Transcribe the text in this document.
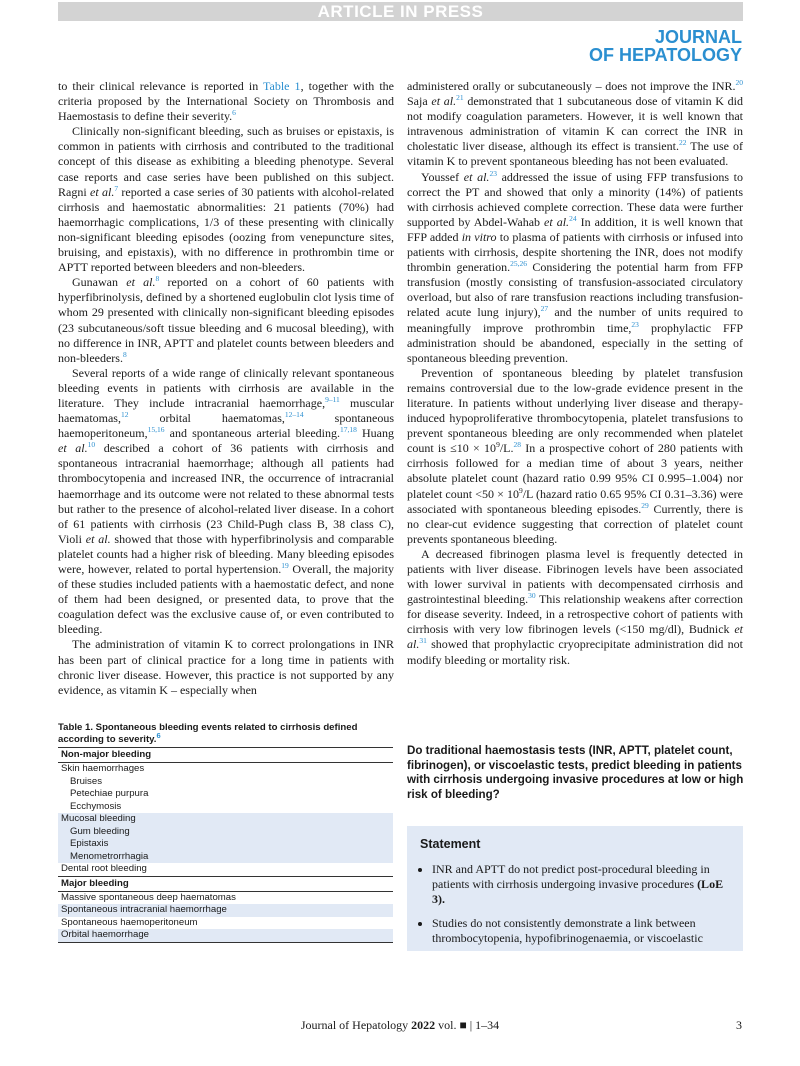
ARTICLE IN PRESS
JOURNAL
OF HEPATOLOGY

to their clinical relevance is reported in Table 1, together with the criteria proposed by the International Society on Thrombosis and Haemostasis to define their severity.$^6$

Clinically non-significant bleeding, such as bruises or epistaxis, is common in patients with cirrhosis and contributed to the traditional concept of this disease as exhibiting a bleeding phenotype. Several case reports and case series have been published on this subject. Ragni et al.$^7$ reported a case series of 30 patients with alcohol-related cirrhosis and haemostatic abnormalities: 21 patients (70%) had haemorrhagic complications, 1/3 of these presenting with clinically non-significant bleeding episodes (oozing from venepuncture sites, bruising, and epistaxis), with no difference in prothrombin time or APTT reported between bleeders and non-bleeders.

Gunawan et al.$^8$ reported on a cohort of 60 patients with hyperfibrinolysis, defined by a shortened euglobulin clot lysis time of whom 29 presented with clinically non-significant bleeding episodes (23 subcutaneous/soft tissue bleeding and 6 mucosal bleeding), with no difference in INR, APTT and platelet counts between bleeders and non-bleeders.$^8$

Several reports of a wide range of clinically relevant spontaneous bleeding events in patients with cirrhosis are available in the literature. They include intracranial haemorrhage,$^{9-11}$ muscular haematomas,$^{12}$ orbital haematomas,$^{12-14}$ spontaneous haemoperitoneum,$^{15,16}$ and spontaneous arterial bleeding.$^{17,18}$ Huang et al.$^{10}$ described a cohort of 36 patients with cirrhosis and spontaneous intracranial haemorrhage; although all patients had thrombocytopenia and increased INR, the occurrence of intracranial haemorrhage and its outcome were not related to these abnormal tests but rather to the presence of alcohol-related liver disease. In a cohort of 61 patients with cirrhosis (23 Child-Pugh class B, 38 class C), Violi et al. showed that those with hyperfibrinolysis and comparable platelet counts had a higher risk of bleeding. Many bleeding episodes were, however, related to portal hypertension.$^{19}$ Overall, the majority of these studies included patients with a haemostatic defect, and none of them had been designed, or presented data, to prove that the coagulation defect was the exclusive cause of, or even contributed to bleeding.

The administration of vitamin K to correct prolongations in INR has been part of clinical practice for a long time in patients with chronic liver disease. However, this practice is not supported by any evidence, as vitamin K – especially when

administered orally or subcutaneously – does not improve the INR.$^{20}$ Saja et al.$^{21}$ demonstrated that 1 subcutaneous dose of vitamin K did not modify coagulation parameters. However, it is well known that intravenous administration of vitamin K can correct the INR in cholestatic liver disease, although its effect is transient.$^{22}$ The use of vitamin K to prevent spontaneous bleeding has not been evaluated.

Youssef et al.$^{23}$ addressed the issue of using FFP transfusions to correct the PT and showed that only a minority (14%) of patients with cirrhosis achieved complete correction. These data were further supported by Abdel-Wahab et al.$^{24}$ In addition, it is well known that FFP added in vitro to plasma of patients with cirrhosis or infused into patients with cirrhosis, despite shortening the INR, does not modify thrombin generation.$^{25,26}$ Considering the potential harm from FFP transfusion (mostly consisting of transfusion-associated circulatory overload, but also of rare transfusion reactions including transfusion-related acute lung injury),$^{27}$ and the number of units required to meaningfully improve prothrombin time,$^{23}$ prophylactic FFP administration should be abandoned, especially in the setting of spontaneous bleeding prevention.

Prevention of spontaneous bleeding by platelet transfusion remains controversial due to the low-grade evidence present in the literature. In patients without underlying liver disease and therapy-induced hypoproliferative thrombocytopenia, platelet transfusions to prevent spontaneous bleeding are only recommended when platelet count is $\le 10 \times 10^9/L.^{28}$ In a prospective cohort of 280 patients with cirrhosis followed for a median time of about 3 years, neither absolute platelet count (hazard ratio 0.99 95% CI 0.995–1.004) nor platelet count $<50 \times 10^9/L$ (hazard ratio 0.65 95% CI 0.31–3.36) were associated with spontaneous bleeding episodes.$^{29}$ Currently, there is no clear-cut evidence suggesting that correction of platelet count prevents spontaneous bleeding.

A decreased fibrinogen plasma level is frequently detected in patients with liver disease. Fibrinogen levels have been associated with lower survival in patients with decompensated cirrhosis and gastrointestinal bleeding.$^{30}$ This relationship weakens after correction for disease severity. Indeed, in a retrospective cohort of patients with cirrhosis with very low fibrinogen levels (<150 mg/dl), Budnick et al.$^{31}$ showed that prophylactic cryoprecipitate administration did not modify bleeding or mortality risk.

Table 1. Spontaneous bleeding events related to cirrhosis defined according to severity.$^6$
Non-major bleeding
Skin haemorrhages
Bruises
Petechiae purpura
Ecchymosis
Mucosal bleeding
Gum bleeding
Epistaxis
Menometrorrhagia
Dental root bleeding
Major bleeding
Massive spontaneous deep haematomas
Spontaneous intracranial haemorrhage
Spontaneous haemoperitoneum
Orbital haemorrhage
Do traditional haemostasis tests (INR, APTT, platelet count, fibrinogen), or viscoelastic tests, predict bleeding in patients with cirrhosis undergoing invasive procedures at low or high risk of bleeding?
Statement
• INR and APTT do not predict post-procedural bleeding in patients with cirrhosis undergoing invasive procedures (LoE 3).
• Studies do not consistently demonstrate a link between thrombocytopenia, hypofibrinogenaemia, or viscoelastic
Journal of Hepatology 2022 vol. ■ | 1–34	3
